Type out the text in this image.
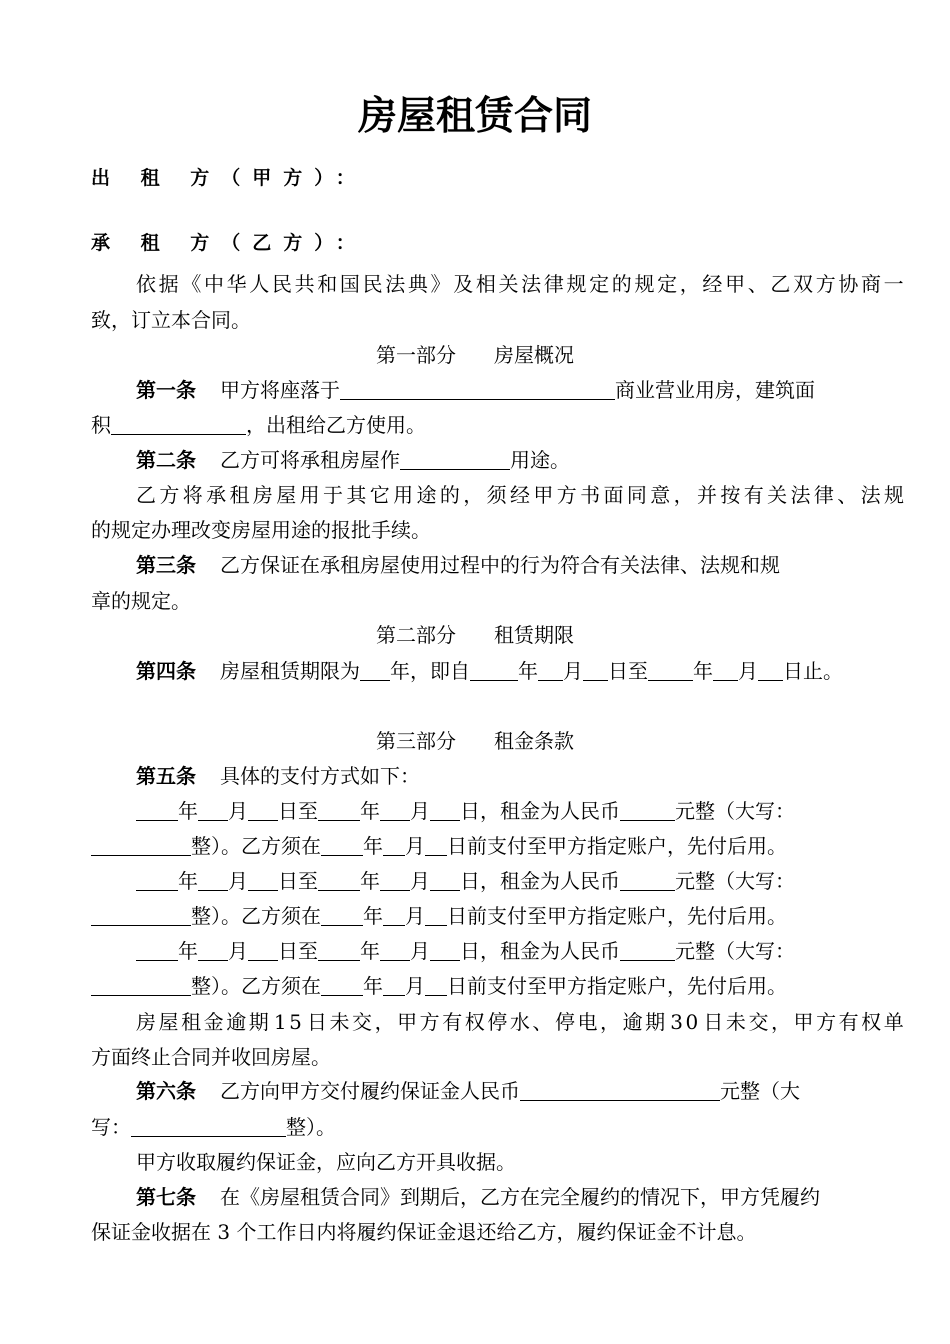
房屋租赁合同
出 租 方（甲方）：
承 租 方（乙方）：
依 据 《 中 华 人 民 共 和 国 民 法 典 》 及 相 关 法 律 规 定 的 规 定 ， 经 甲 、 乙 双 方 协 商 一
致，订立本合同。
第一部分 房屋概况
第一条 甲方将座落于	商业营业用房，建筑面
积	，出租给乙方使用。
第二条 乙方可将承租房屋作	用途。
乙 方 将 承 租 房 屋 用 于 其 它 用 途 的 ， 须 经 甲 方 书 面 同 意 ， 并 按 有 关 法 律 、 法 规
的规定办理改变房屋用途的报批手续。
第三条 乙方保证在承租房屋使用过程中的行为符合有关法律、法规和规
章的规定。
第二部分 租赁期限
第四条 房屋租赁期限为 年，即自 年 月 日至 年 月 日止。
第三部分 租金条款
第五条 具体的支付方式如下：
年 月 日至 年 月 日，租金为人民币	元整（大写：
整）。乙方须在 年 月 日前支付至甲方指定账户，先付后用。
年 月 日至 年 月 日，租金为人民币	元整（大写：
整）。乙方须在 年 月 日前支付至甲方指定账户，先付后用。
年 月 日至 年 月 日，租金为人民币	元整（大写：
整）。乙方须在 年 月 日前支付至甲方指定账户，先付后用。
房 屋 租 金 逾 期 1 5 日 未 交 ， 甲 方 有 权 停 水 、 停 电 ， 逾 期 3 0 日 未 交 ， 甲 方 有 权 单
方面终止合同并收回房屋。
第六条 乙方向甲方交付履约保证金人民币	元整（大
写：	整）。
甲方收取履约保证金，应向乙方开具收据。
第七条 在《房屋租赁合同》到期后，乙方在完全履约的情况下，甲方凭履约
保证金收据在 3 个工作日内将履约保证金退还给乙方，履约保证金不计息。
